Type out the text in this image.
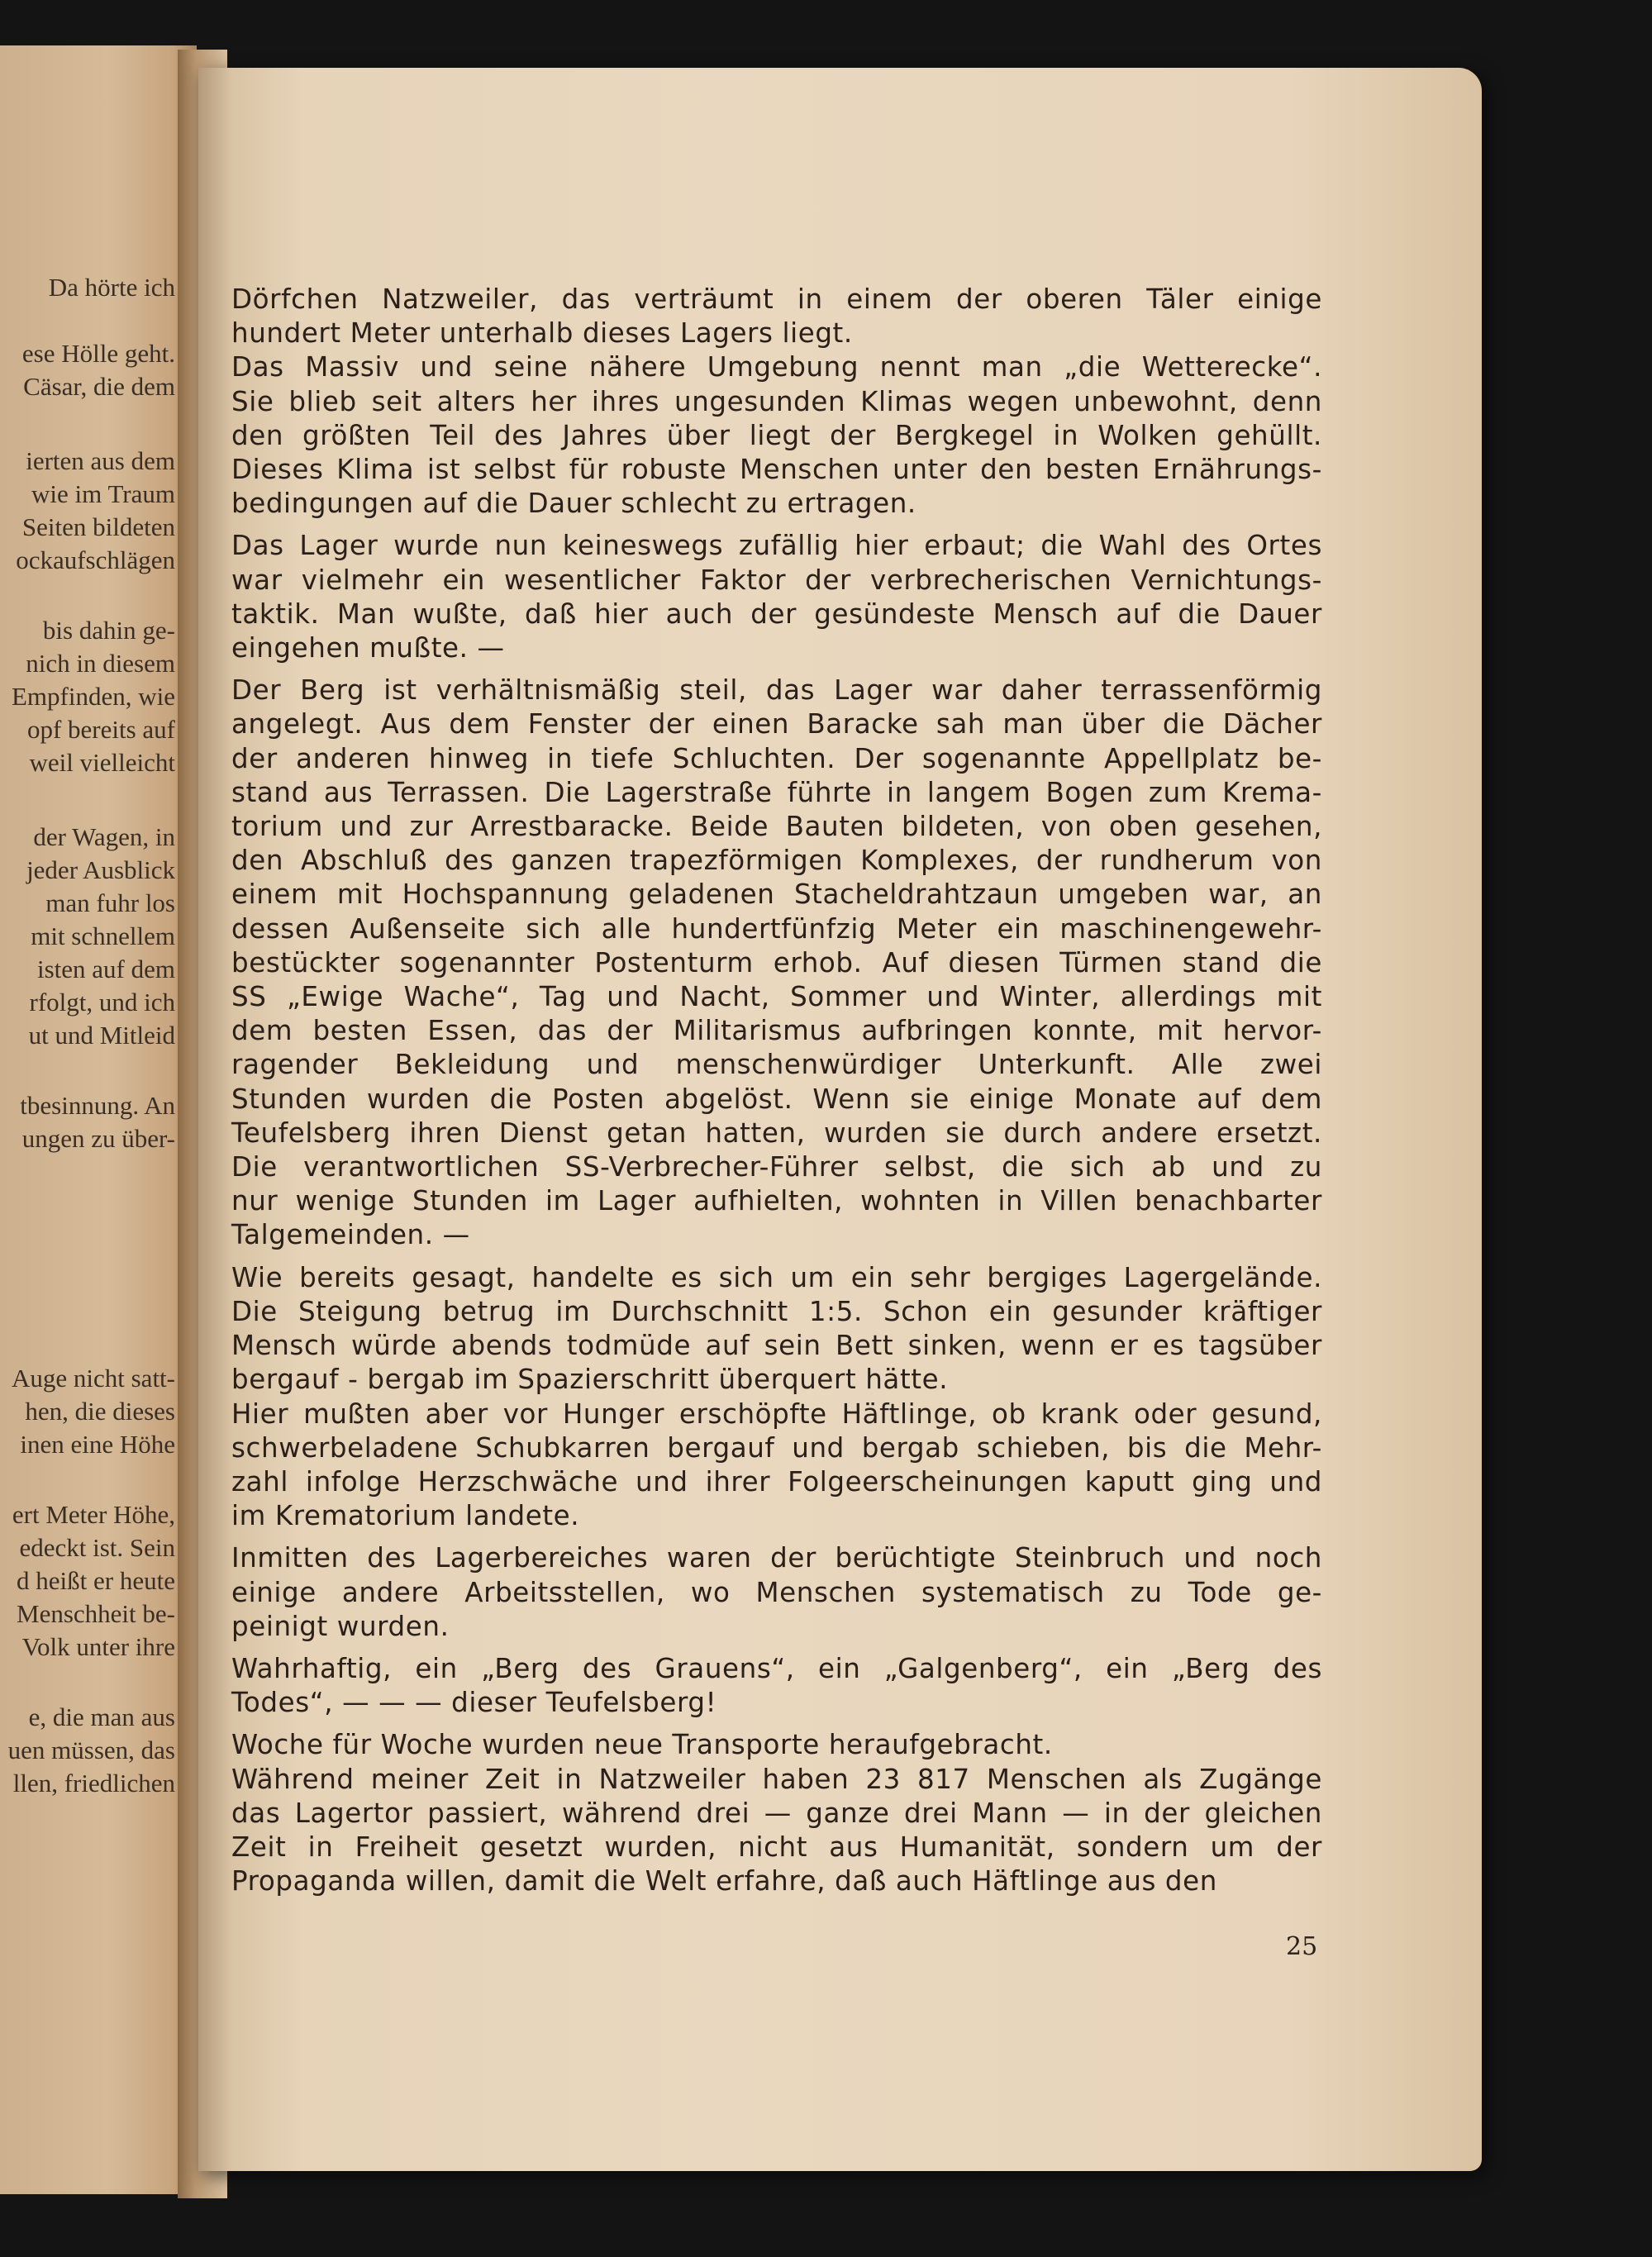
Da hörte ich
ese Hölle geht.
Cäsar, die dem
ierten aus dem
wie im Traum
Seiten bildeten
ockaufschlägen
bis dahin ge-
nich in diesem
Empfinden, wie
opf bereits auf
weil vielleicht
der Wagen, in
jeder Ausblick
man fuhr los
mit schnellem
isten auf dem
rfolgt, und ich
ut und Mitleid
tbesinnung. An
ungen zu über-
Auge nicht satt-
hen, die dieses
inen eine Höhe
ert Meter Höhe,
edeckt ist. Sein
d heißt er heute
Menschheit be-
Volk unter ihre
e, die man aus
uen müssen, das
llen, friedlichen
Dörfchen Natzweiler, das verträumt in einem der oberen Täler einige
hundert Meter unterhalb dieses Lagers liegt.
Das Massiv und seine nähere Umgebung nennt man „die Wetterecke“.
Sie blieb seit alters her ihres ungesunden Klimas wegen unbewohnt, denn
den größten Teil des Jahres über liegt der Bergkegel in Wolken gehüllt.
Dieses Klima ist selbst für robuste Menschen unter den besten Ernährungs-
bedingungen auf die Dauer schlecht zu ertragen.
Das Lager wurde nun keineswegs zufällig hier erbaut; die Wahl des Ortes
war vielmehr ein wesentlicher Faktor der verbrecherischen Vernichtungs-
taktik. Man wußte, daß hier auch der gesündeste Mensch auf die Dauer
eingehen mußte. —
Der Berg ist verhältnismäßig steil, das Lager war daher terrassenförmig
angelegt. Aus dem Fenster der einen Baracke sah man über die Dächer
der anderen hinweg in tiefe Schluchten. Der sogenannte Appellplatz be-
stand aus Terrassen. Die Lagerstraße führte in langem Bogen zum Krema-
torium und zur Arrestbaracke. Beide Bauten bildeten, von oben gesehen,
den Abschluß des ganzen trapezförmigen Komplexes, der rundherum von
einem mit Hochspannung geladenen Stacheldrahtzaun umgeben war, an
dessen Außenseite sich alle hundertfünfzig Meter ein maschinengewehr-
bestückter sogenannter Postenturm erhob. Auf diesen Türmen stand die
SS „Ewige Wache“, Tag und Nacht, Sommer und Winter, allerdings mit
dem besten Essen, das der Militarismus aufbringen konnte, mit hervor-
ragender Bekleidung und menschenwürdiger Unterkunft. Alle zwei
Stunden wurden die Posten abgelöst. Wenn sie einige Monate auf dem
Teufelsberg ihren Dienst getan hatten, wurden sie durch andere ersetzt.
Die verantwortlichen SS-Verbrecher-Führer selbst, die sich ab und zu
nur wenige Stunden im Lager aufhielten, wohnten in Villen benachbarter
Talgemeinden. —
Wie bereits gesagt, handelte es sich um ein sehr bergiges Lagergelände.
Die Steigung betrug im Durchschnitt 1:5. Schon ein gesunder kräftiger
Mensch würde abends todmüde auf sein Bett sinken, wenn er es tagsüber
bergauf - bergab im Spazierschritt überquert hätte.
Hier mußten aber vor Hunger erschöpfte Häftlinge, ob krank oder gesund,
schwerbeladene Schubkarren bergauf und bergab schieben, bis die Mehr-
zahl infolge Herzschwäche und ihrer Folgeerscheinungen kaputt ging und
im Krematorium landete.
Inmitten des Lagerbereiches waren der berüchtigte Steinbruch und noch
einige andere Arbeitsstellen, wo Menschen systematisch zu Tode ge-
peinigt wurden.
Wahrhaftig, ein „Berg des Grauens“, ein „Galgenberg“, ein „Berg des
Todes“, — — — dieser Teufelsberg!
Woche für Woche wurden neue Transporte heraufgebracht.
Während meiner Zeit in Natzweiler haben 23 817 Menschen als Zugänge
das Lagertor passiert, während drei — ganze drei Mann — in der gleichen
Zeit in Freiheit gesetzt wurden, nicht aus Humanität, sondern um der
Propaganda willen, damit die Welt erfahre, daß auch Häftlinge aus den
25
